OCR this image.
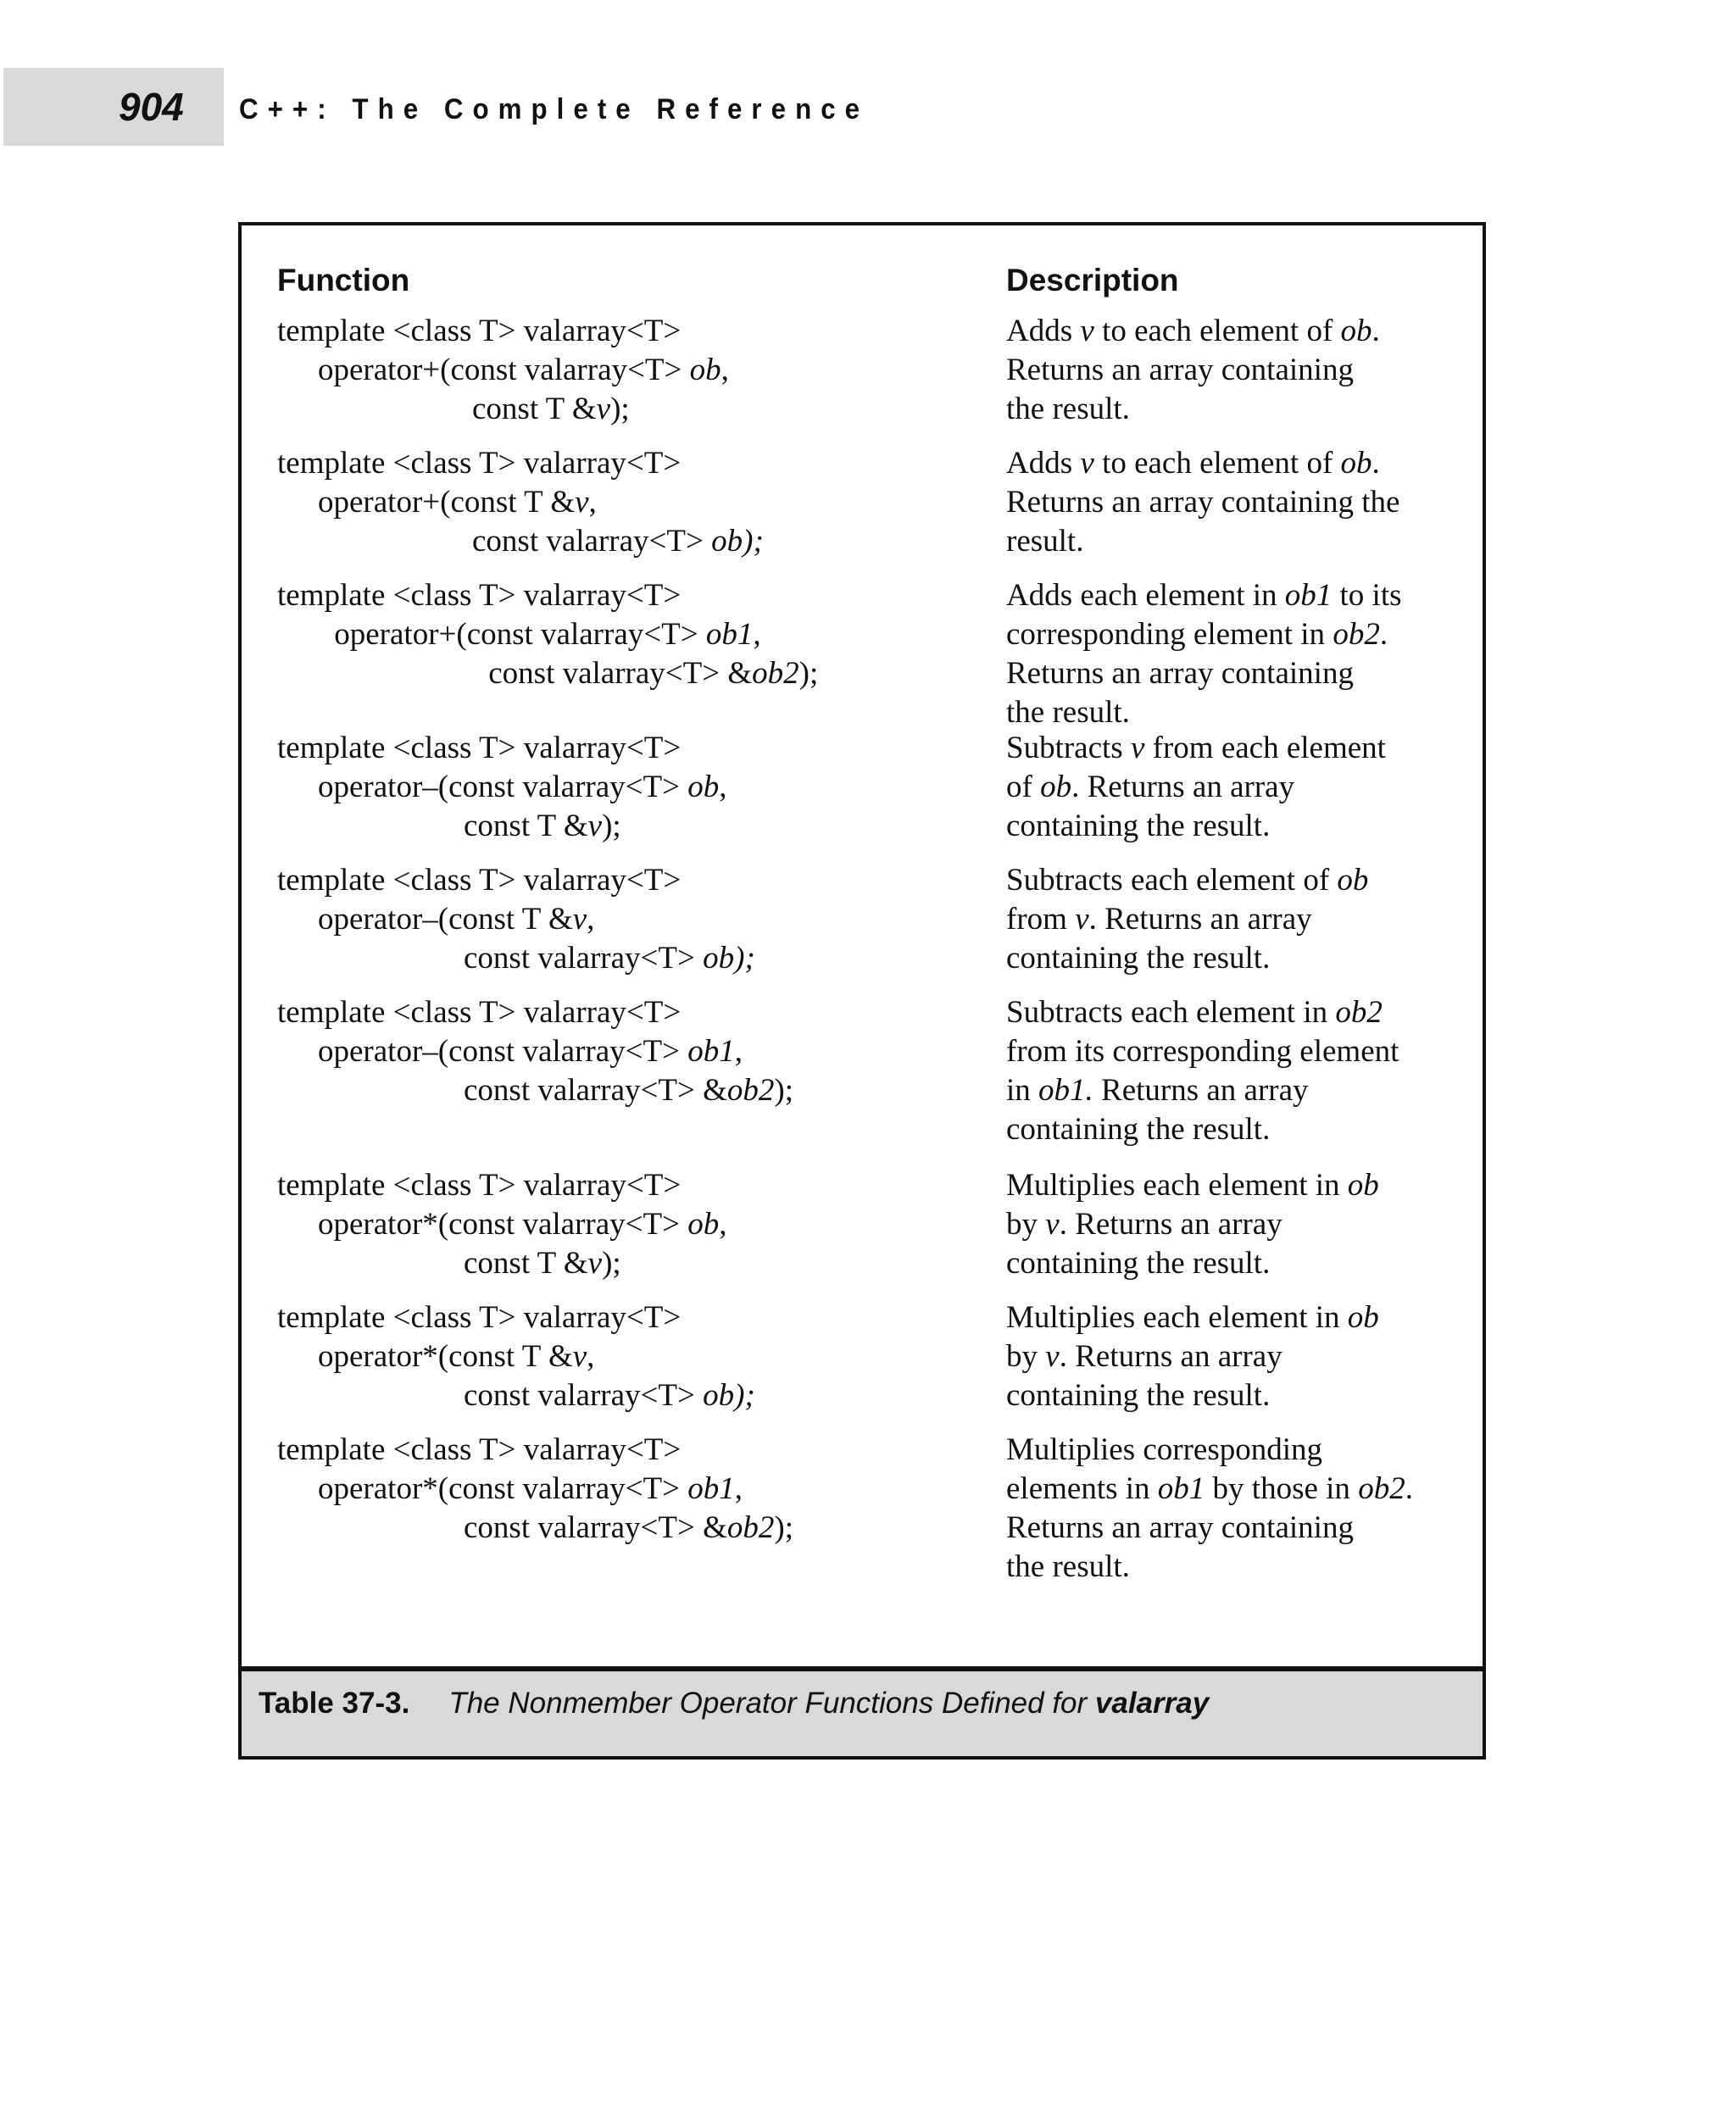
904 C++: The Complete Reference
Function	Description
Table 37-3. The Nonmember Operator Functions Defined for valarray
template <class T> valarray<T>
operator+(const valarray<T> ob,
const T &v);
Adds v to each element of ob.
Returns an array containing
the result.
template <class T> valarray<T>
operator+(const T &v,
const valarray<T> ob);
Adds v to each element of ob.
Returns an array containing the
result.
template <class T> valarray<T>
operator+(const valarray<T> ob1,
const valarray<T> &ob2);
Adds each element in ob1 to its
corresponding element in ob2.
Returns an array containing
the result.
template <class T> valarray<T>
operator–(const valarray<T> ob,
const T &v);
Subtracts v from each element
of ob. Returns an array
containing the result.
template <class T> valarray<T>
operator–(const T &v,
const valarray<T> ob);
Subtracts each element of ob
from v. Returns an array
containing the result.
template <class T> valarray<T>
operator–(const valarray<T> ob1,
const valarray<T> &ob2);
Subtracts each element in ob2
from its corresponding element
in ob1. Returns an array
containing the result.
template <class T> valarray<T>
operator*(const valarray<T> ob,
const T &v);
Multiplies each element in ob
by v. Returns an array
containing the result.
template <class T> valarray<T>
operator*(const T &v,
const valarray<T> ob);
Multiplies each element in ob
by v. Returns an array
containing the result.
template <class T> valarray<T>
operator*(const valarray<T> ob1,
const valarray<T> &ob2);
Multiplies corresponding
elements in ob1 by those in ob2.
Returns an array containing
the result.
